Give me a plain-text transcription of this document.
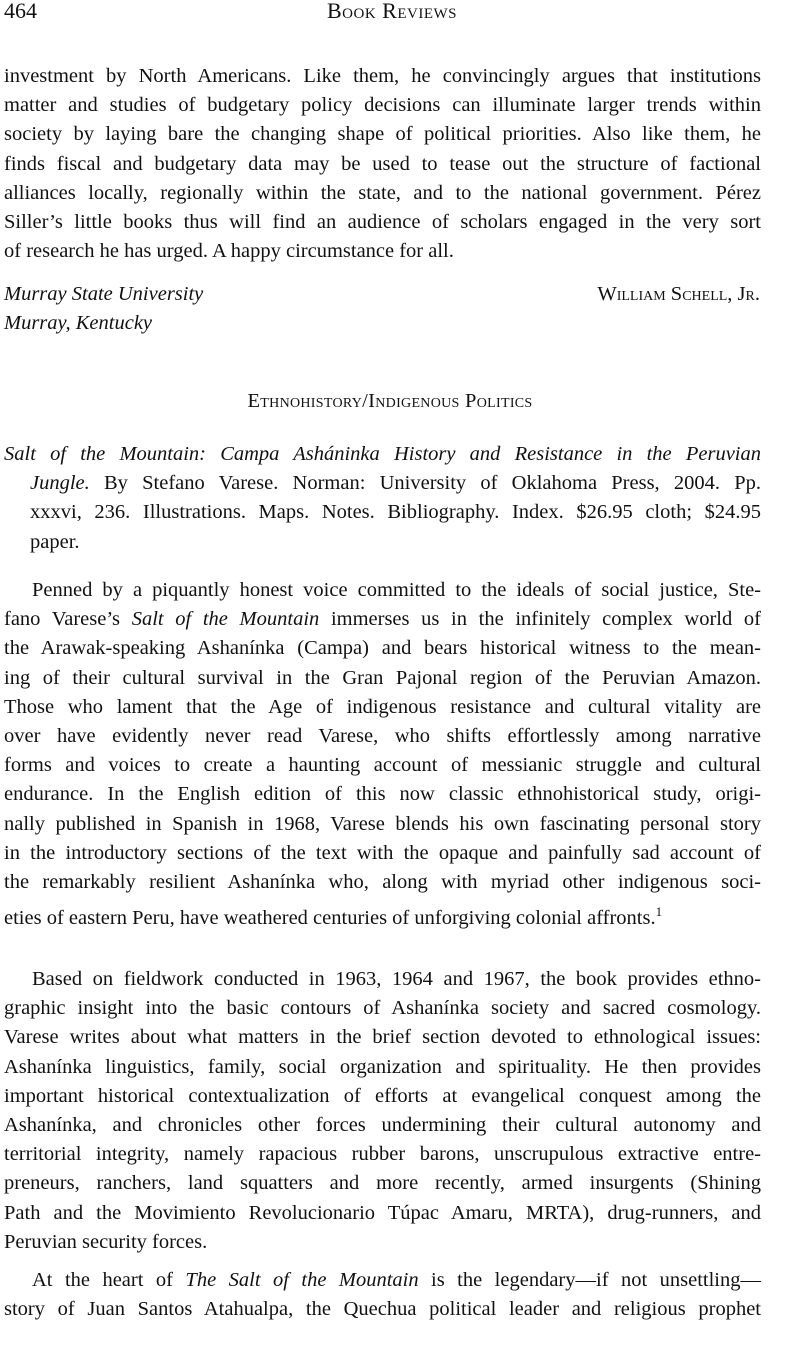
464	Book Reviews
investment by North Americans. Like them, he convincingly argues that institutions
matter and studies of budgetary policy decisions can illuminate larger trends within
society by laying bare the changing shape of political priorities. Also like them, he
finds fiscal and budgetary data may be used to tease out the structure of factional
alliances locally, regionally within the state, and to the national government. Pérez
Siller’s little books thus will find an audience of scholars engaged in the very sort
of research he has urged. A happy circumstance for all.
Murray State University
Murray, Kentucky
William Schell, Jr.
Ethnohistory/Indigenous Politics
Salt of the Mountain: Campa Asháninka History and Resistance in the Peruvian
Jungle. By Stefano Varese. Norman: University of Oklahoma Press, 2004. Pp.
xxxvi, 236. Illustrations. Maps. Notes. Bibliography. Index. $26.95 cloth; $24.95
paper.
Penned by a piquantly honest voice committed to the ideals of social justice, Ste-
fano Varese’s Salt of the Mountain immerses us in the infinitely complex world of
the Arawak-speaking Ashanínka (Campa) and bears historical witness to the mean-
ing of their cultural survival in the Gran Pajonal region of the Peruvian Amazon.
Those who lament that the Age of indigenous resistance and cultural vitality are
over have evidently never read Varese, who shifts effortlessly among narrative
forms and voices to create a haunting account of messianic struggle and cultural
endurance. In the English edition of this now classic ethnohistorical study, origi-
nally published in Spanish in 1968, Varese blends his own fascinating personal story
in the introductory sections of the text with the opaque and painfully sad account of
the remarkably resilient Ashanínka who, along with myriad other indigenous soci-
eties of eastern Peru, have weathered centuries of unforgiving colonial affronts.$^1$
Based on fieldwork conducted in 1963, 1964 and 1967, the book provides ethno-
graphic insight into the basic contours of Ashanínka society and sacred cosmology.
Varese writes about what matters in the brief section devoted to ethnological issues:
Ashanínka linguistics, family, social organization and spirituality. He then provides
important historical contextualization of efforts at evangelical conquest among the
Ashanínka, and chronicles other forces undermining their cultural autonomy and
territorial integrity, namely rapacious rubber barons, unscrupulous extractive entre-
preneurs, ranchers, land squatters and more recently, armed insurgents (Shining
Path and the Movimiento Revolucionario Túpac Amaru, MRTA), drug-runners, and
Peruvian security forces.
At the heart of The Salt of the Mountain is the legendary—if not unsettling—
story of Juan Santos Atahualpa, the Quechua political leader and religious prophet
